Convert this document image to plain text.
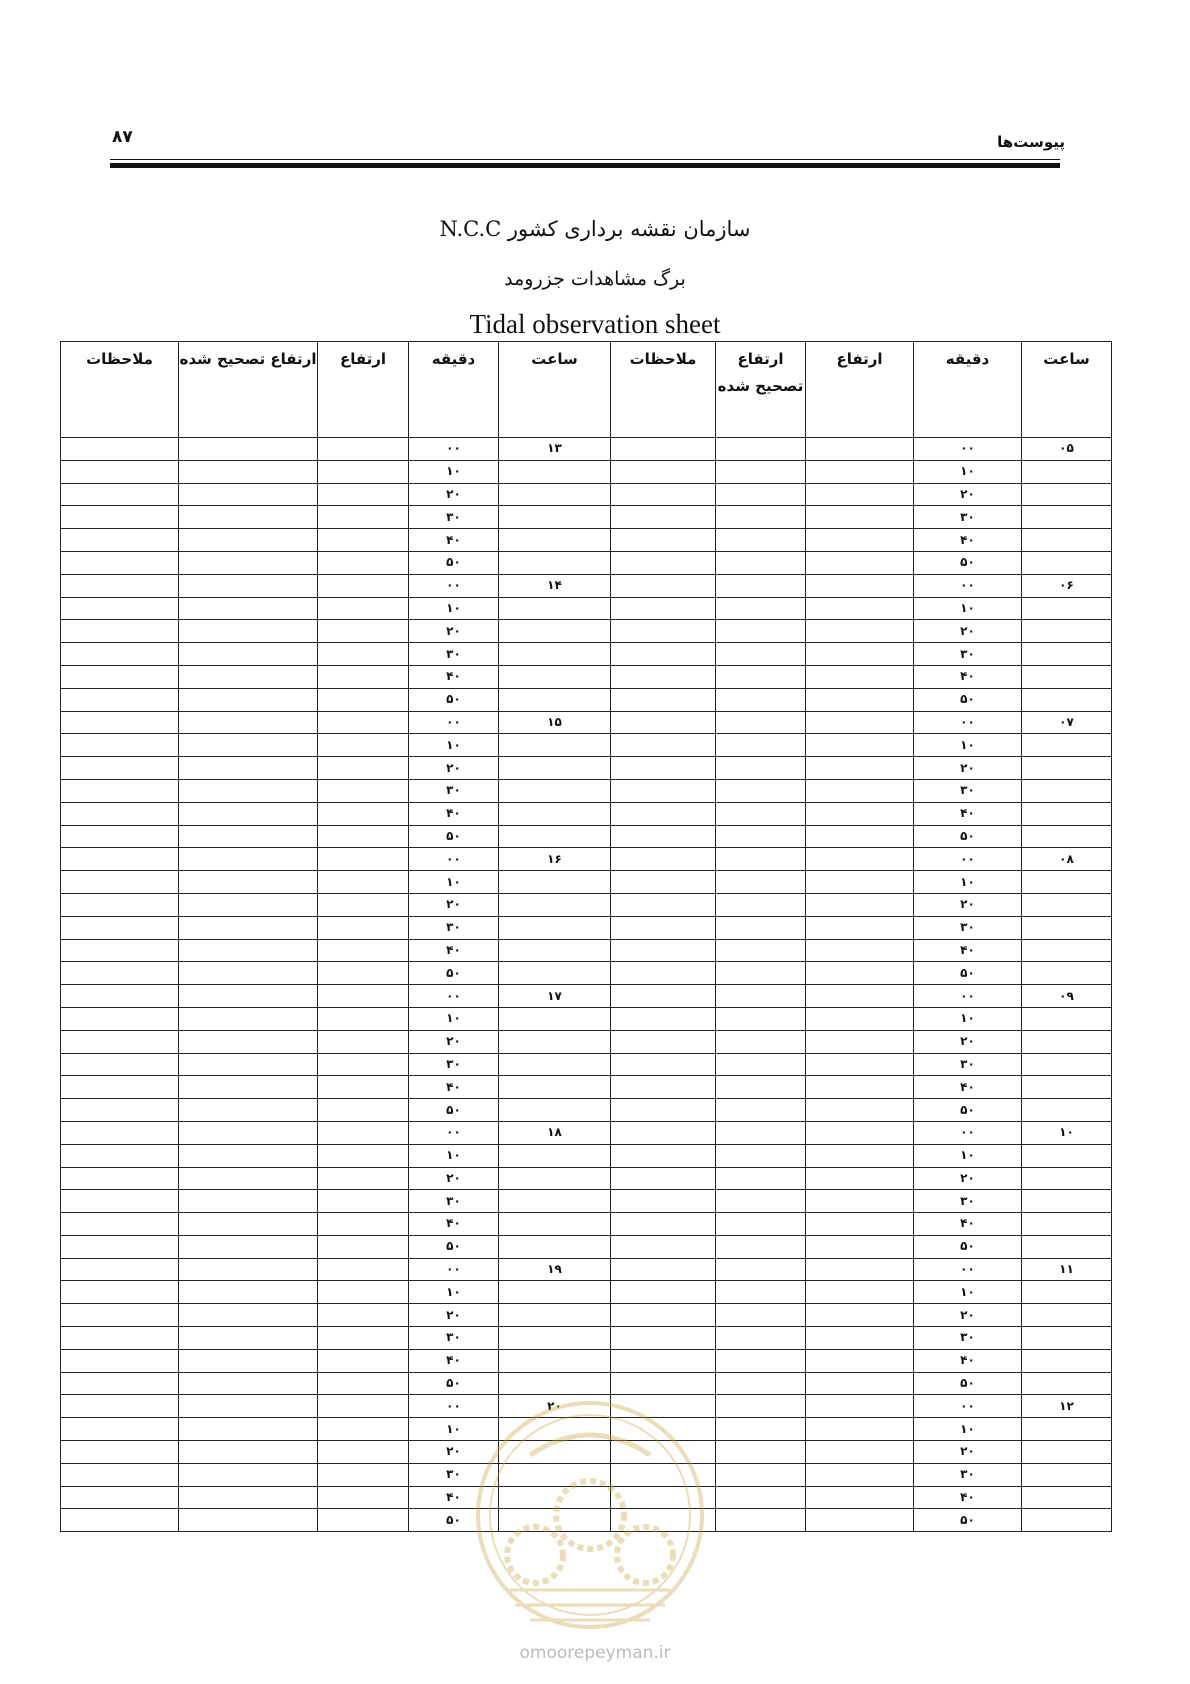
۸۷	پیوست‌ها
سازمان نقشه برداری کشور N.C.C
برگ مشاهدات جزرومد
Tidal observation sheet
ساعت	دقیقه	ارتفاع	ارتفاع تصحیح شده	ملاحظات	ساعت	دقیقه	ارتفاع	ارتفاع تصحیح شده	ملاحظات
۰۵	۰۰				۱۳	۰۰			
	۱۰					۱۰			
	۲۰					۲۰			
	۳۰					۳۰			
	۴۰					۴۰			
	۵۰					۵۰			
۰۶	۰۰				۱۴	۰۰			
	۱۰					۱۰			
	۲۰					۲۰			
	۳۰					۳۰			
	۴۰					۴۰			
	۵۰					۵۰			
۰۷	۰۰				۱۵	۰۰			
	۱۰					۱۰			
	۲۰					۲۰			
	۳۰					۳۰			
	۴۰					۴۰			
	۵۰					۵۰			
۰۸	۰۰				۱۶	۰۰			
	۱۰					۱۰			
	۲۰					۲۰			
	۳۰					۳۰			
	۴۰					۴۰			
	۵۰					۵۰			
۰۹	۰۰				۱۷	۰۰			
	۱۰					۱۰			
	۲۰					۲۰			
	۳۰					۳۰			
	۴۰					۴۰			
	۵۰					۵۰			
۱۰	۰۰				۱۸	۰۰			
	۱۰					۱۰			
	۲۰					۲۰			
	۳۰					۳۰			
	۴۰					۴۰			
	۵۰					۵۰			
۱۱	۰۰				۱۹	۰۰			
	۱۰					۱۰			
	۲۰					۲۰			
	۳۰					۳۰			
	۴۰					۴۰			
	۵۰					۵۰			
۱۲	۰۰				۲۰	۰۰			
	۱۰					۱۰			
	۲۰					۲۰			
	۳۰					۳۰			
	۴۰					۴۰			
	۵۰					۵۰			
omoorepeyman.ir
